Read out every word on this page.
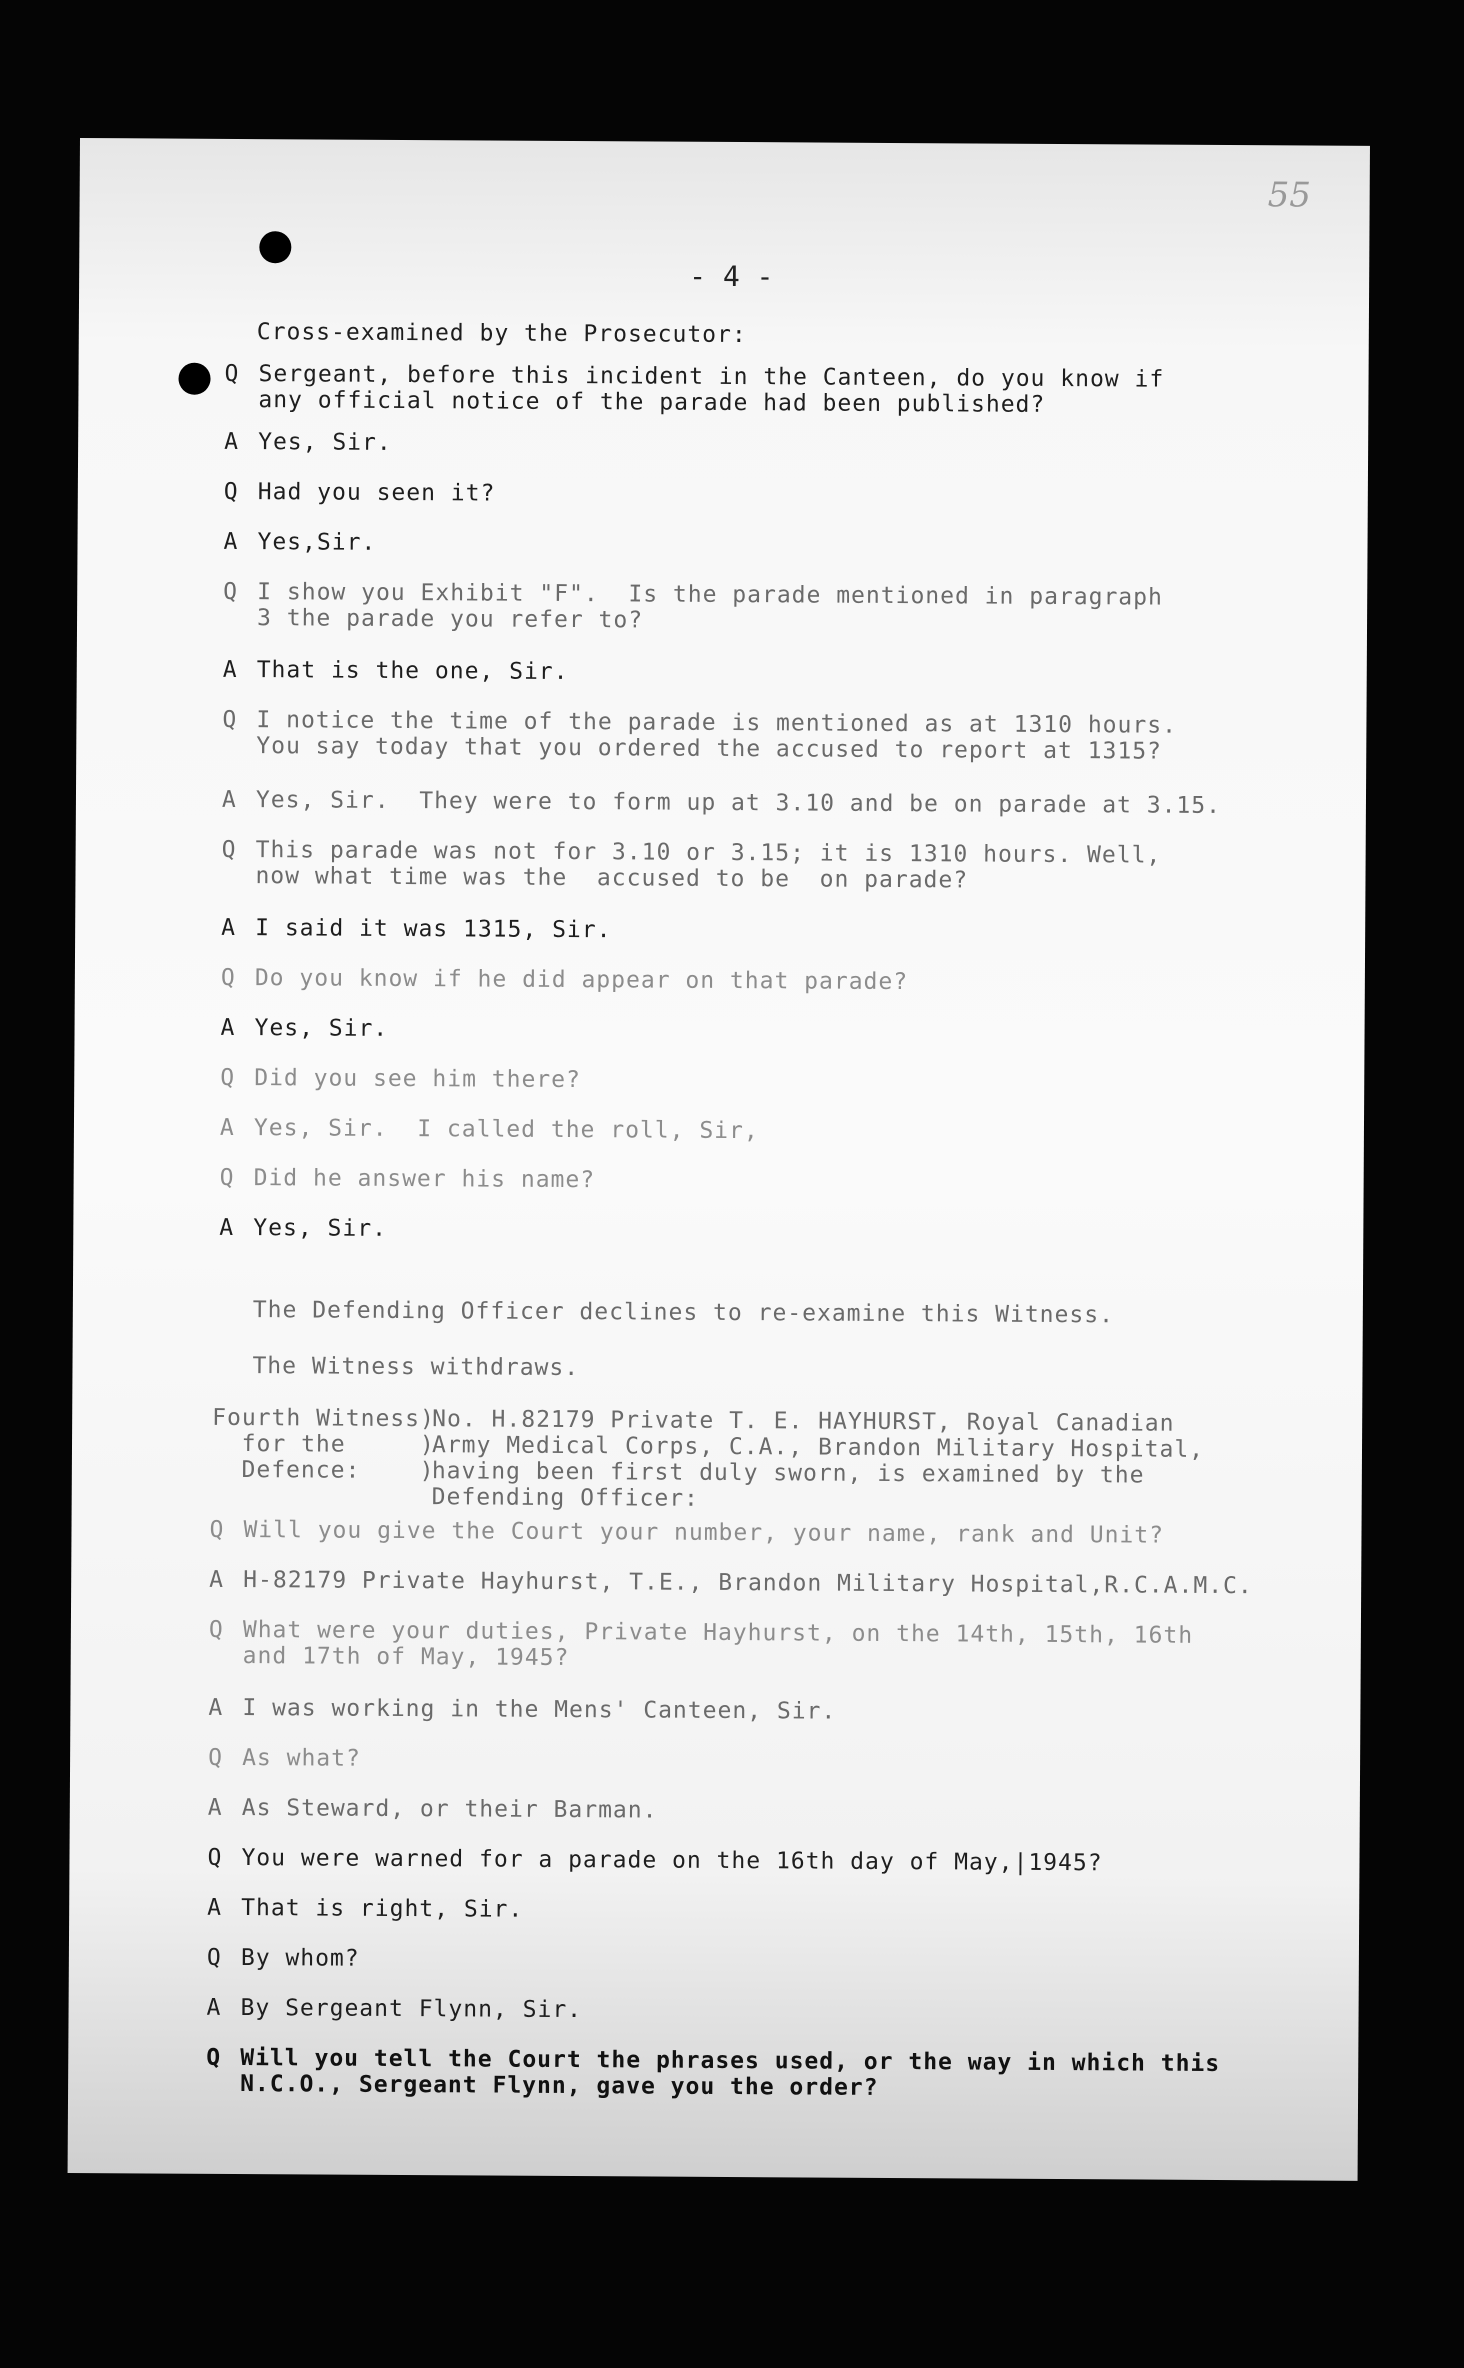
55
- 4 -
Cross-examined by the Prosecutor:
Q Sergeant, before this incident in the Canteen, do you know if
any official notice of the parade had been published?
A Yes, Sir.
Q Had you seen it?
A Yes,Sir.
Q I show you Exhibit "F".  Is the parade mentioned in paragraph
3 the parade you refer to?
A That is the one, Sir.
Q I notice the time of the parade is mentioned as at 1310 hours.
You say today that you ordered the accused to report at 1315?
A Yes, Sir.  They were to form up at 3.10 and be on parade at 3.15.
Q This parade was not for 3.10 or 3.15; it is 1310 hours. Well,
now what time was the  accused to be  on parade?
A I said it was 1315, Sir.
Q Do you know if he did appear on that parade?
A Yes, Sir.
Q Did you see him there?
A Yes, Sir.  I called the roll, Sir,
Q Did he answer his name?
A Yes, Sir.
The Defending Officer declines to re-examine this Witness.
The Witness withdraws.
Fourth Witness)
for the     )
Defence:    )
No. H.82179 Private T. E. HAYHURST, Royal Canadian
Army Medical Corps, C.A., Brandon Military Hospital,
having been first duly sworn, is examined by the
Defending Officer:
Q Will you give the Court your number, your name, rank and Unit?
A H-82179 Private Hayhurst, T.E., Brandon Military Hospital,R.C.A.M.C.
Q What were your duties, Private Hayhurst, on the 14th, 15th, 16th
and 17th of May, 1945?
A I was working in the Mens' Canteen, Sir.
Q As what?
A As Steward, or their Barman.
Q You were warned for a parade on the 16th day of May,|1945?
A That is right, Sir.
Q By whom?
A By Sergeant Flynn, Sir.
Q Will you tell the Court the phrases used, or the way in which this
N.C.O., Sergeant Flynn, gave you the order?
